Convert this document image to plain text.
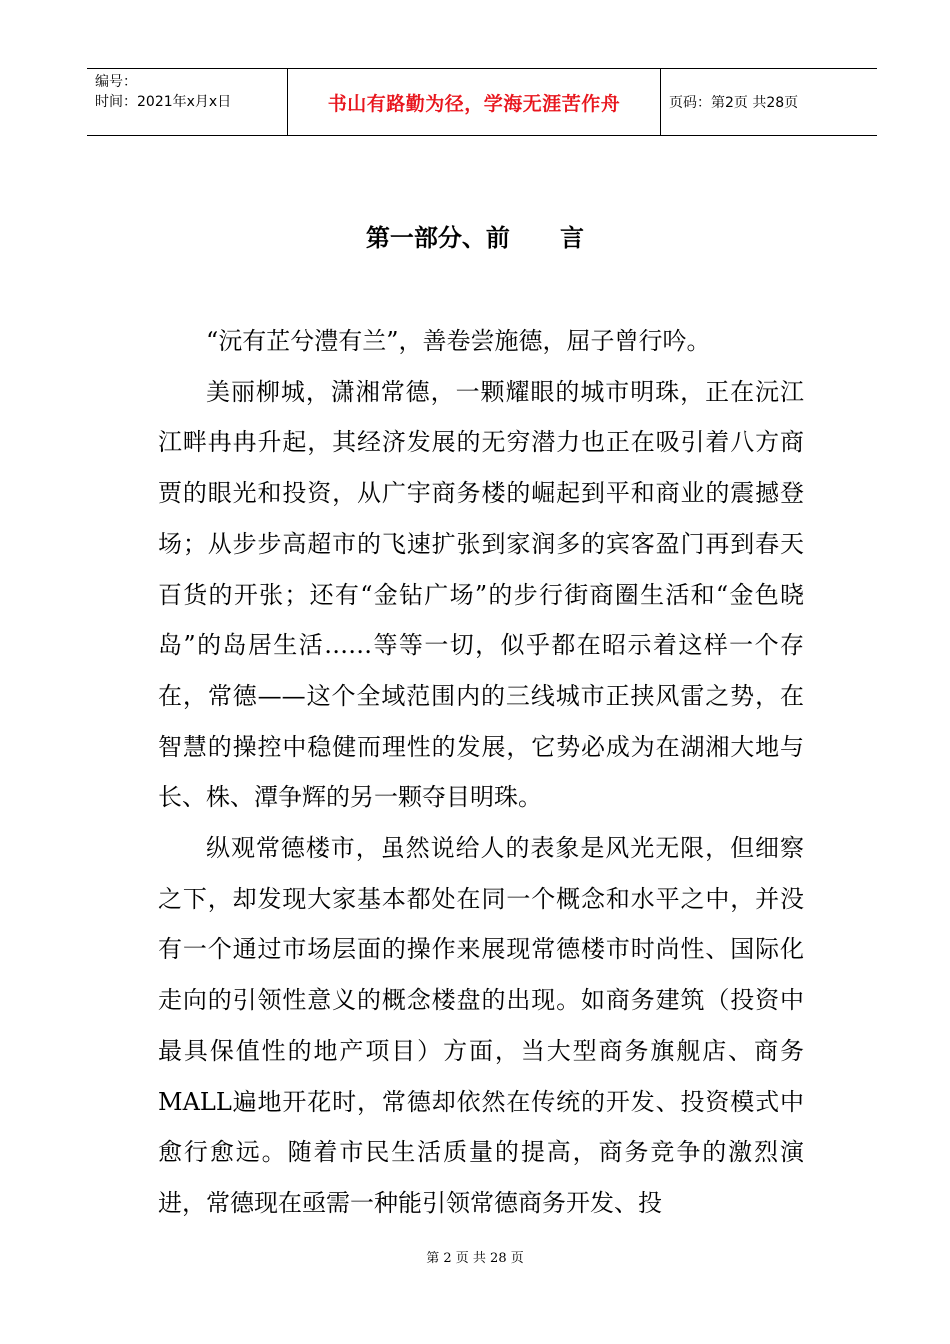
编号：
时间：2021年x月x日	书山有路勤为径，学海无涯苦作舟	页码：第2页 共28页
第一部分、前      言

“沅有芷兮澧有兰”，善卷尝施德，屈子曾行吟。

美丽柳城，潇湘常德，一颗耀眼的城市明珠，正在沅江江畔冉冉升起，其经济发展的无穷潜力也正在吸引着八方商贾的眼光和投资，从广宇商务楼的崛起到平和商业的震撼登场；从步步高超市的飞速扩张到家润多的宾客盈门再到春天百货的开张；还有“金钻广场”的步行街商圈生活和“金色晓岛”的岛居生活……等等一切，似乎都在昭示着这样一个存在，常德——这个全域范围内的三线城市正挟风雷之势，在智慧的操控中稳健而理性的发展，它势必成为在湖湘大地与长、株、潭争辉的另一颗夺目明珠。

纵观常德楼市，虽然说给人的表象是风光无限，但细察之下，却发现大家基本都处在同一个概念和水平之中，并没有一个通过市场层面的操作来展现常德楼市时尚性、国际化走向的引领性意义的概念楼盘的出现。如商务建筑（投资中最具保值性的地产项目）方面，当大型商务旗舰店、商务MALL遍地开花时，常德却依然在传统的开发、投资模式中愈行愈远。随着市民生活质量的提高，商务竞争的激烈演进，常德现在亟需一种能引领常德商务开发、投

第 2 页 共 28 页
